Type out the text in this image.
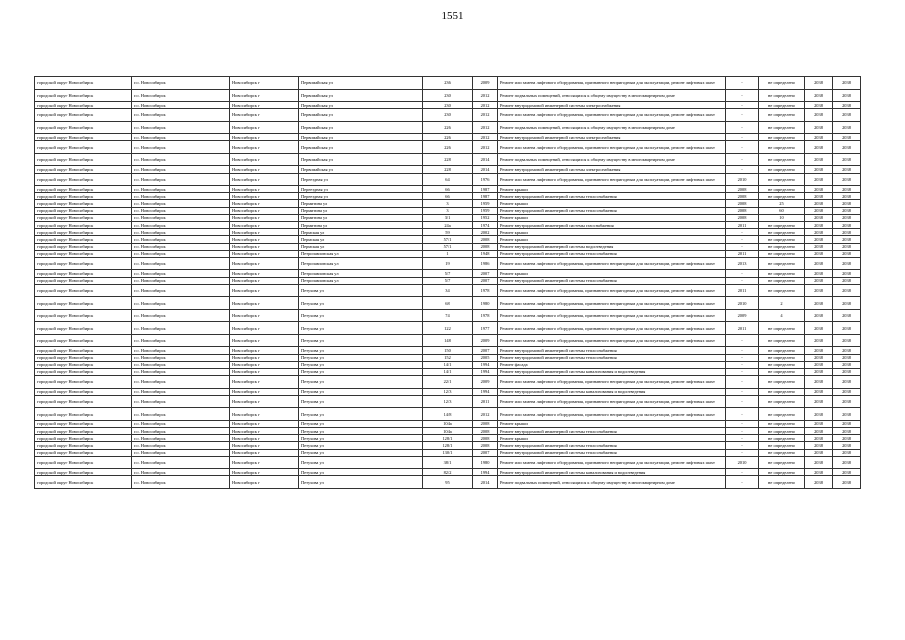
1551
городской округ Новосибирск	г.о. Новосибирск	Новосибирск г	Первомайская ул	236	2009	Ремонт или замена лифтового оборудования, признанного непригодным для эксплуатации, ремонт лифтовых шахт	-	не определено	2038	2038
городской округ Новосибирск	г.о. Новосибирск	Новосибирск г	Первомайская ул	230	2012	Ремонт подвальных помещений, относящихся к общему имуществу в многоквартирном доме	-	не определено	2038	2038
городской округ Новосибирск	г.о. Новосибирск	Новосибирск г	Первомайская ул	230	2012	Ремонт внутридомовой инженерной системы электроснабжения	-	не определено	2038	2038
городской округ Новосибирск	г.о. Новосибирск	Новосибирск г	Первомайская ул	230	2012	Ремонт или замена лифтового оборудования, признанного непригодным для эксплуатации, ремонт лифтовых шахт	-	не определено	2038	2038
городской округ Новосибирск	г.о. Новосибирск	Новосибирск г	Первомайская ул	226	2012	Ремонт подвальных помещений, относящихся к общему имуществу в многоквартирном доме	-	не определено	2038	2038
городской округ Новосибирск	г.о. Новосибирск	Новосибирск г	Первомайская ул	226	2012	Ремонт внутридомовой инженерной системы электроснабжения	-	не определено	2038	2038
городской округ Новосибирск	г.о. Новосибирск	Новосибирск г	Первомайская ул	226	2012	Ремонт или замена лифтового оборудования, признанного непригодным для эксплуатации, ремонт лифтовых шахт	-	не определено	2038	2038
городской округ Новосибирск	г.о. Новосибирск	Новосибирск г	Первомайская ул	228	2014	Ремонт подвальных помещений, относящихся к общему имуществу в многоквартирном доме	-	не определено	2038	2038
городской округ Новосибирск	г.о. Новосибирск	Новосибирск г	Первомайская ул	228	2014	Ремонт внутридомовой инженерной системы электроснабжения	-	не определено	2038	2038
городской округ Новосибирск	г.о. Новосибирск	Новосибирск г	Переездная ул	64	1976	Ремонт или замена лифтового оборудования, признанного непригодным для эксплуатации, ремонт лифтовых шахт	2010	не определено	2038	2038
городской округ Новосибирск	г.о. Новосибирск	Новосибирск г	Переездная ул	66	1987	Ремонт крыши	2008	не определено	2038	2038
городской округ Новосибирск	г.о. Новосибирск	Новосибирск г	Переездная ул	66	1987	Ремонт внутридомовой инженерной системы теплоснабжения	2008	не определено	2038	2038
городской округ Новосибирск	г.о. Новосибирск	Новосибирск г	Пермитина ул	3	1959	Ремонт крыши	2008	25	2038	2038
городской округ Новосибирск	г.о. Новосибирск	Новосибирск г	Пермитина ул	3	1959	Ремонт внутридомовой инженерной системы теплоснабжения	2008	60	2038	2038
городской округ Новосибирск	г.о. Новосибирск	Новосибирск г	Пермитина ул	3/1	1952	Ремонт крыши	2008	10	2038	2038
городской округ Новосибирск	г.о. Новосибирск	Новосибирск г	Пермитина ул	24а	1974	Ремонт внутридомовой инженерной системы газоснабжения	2011	не определено	2038	2038
городской округ Новосибирск	г.о. Новосибирск	Новосибирск г	Пермская ул	59	2002	Ремонт крыши	-	не определено	2038	2038
городской округ Новосибирск	г.о. Новосибирск	Новосибирск г	Пермская ул	57/1	2008	Ремонт крыши	-	не определено	2038	2038
городской округ Новосибирск	г.о. Новосибирск	Новосибирск г	Пермская ул	57/1	2008	Ремонт внутридомовой инженерной системы водоотведения	-	не определено	2038	2038
городской округ Новосибирск	г.о. Новосибирск	Новосибирск г	Петропавловская ул	1	1948	Ремонт внутридомовой инженерной системы теплоснабжения	2011	не определено	2038	2038
городской округ Новосибирск	г.о. Новосибирск	Новосибирск г	Петропавловская ул	19	1986	Ремонт или замена лифтового оборудования, признанного непригодным для эксплуатации, ремонт лифтовых шахт	2013	не определено	2038	2038
городской округ Новосибирск	г.о. Новосибирск	Новосибирск г	Петропавловская ул	5/7	2007	Ремонт крыши	-	не определено	2038	2038
городской округ Новосибирск	г.о. Новосибирск	Новосибирск г	Петропавловская ул	5/7	2007	Ремонт внутридомовой инженерной системы теплоснабжения	-	не определено	2038	2038
городской округ Новосибирск	г.о. Новосибирск	Новосибирск г	Петухова ул	34	1978	Ремонт или замена лифтового оборудования, признанного непригодным для эксплуатации, ремонт лифтовых шахт	2011	не определено	2038	2038
городской округ Новосибирск	г.о. Новосибирск	Новосибирск г	Петухова ул	68	1980	Ремонт или замена лифтового оборудования, признанного непригодным для эксплуатации, ремонт лифтовых шахт	2010	2	2038	2038
городской округ Новосибирск	г.о. Новосибирск	Новосибирск г	Петухова ул	74	1978	Ремонт или замена лифтового оборудования, признанного непригодным для эксплуатации, ремонт лифтовых шахт	2009	4	2038	2038
городской округ Новосибирск	г.о. Новосибирск	Новосибирск г	Петухова ул	122	1977	Ремонт или замена лифтового оборудования, признанного непригодным для эксплуатации, ремонт лифтовых шахт	2011	не определено	2038	2038
городской округ Новосибирск	г.о. Новосибирск	Новосибирск г	Петухова ул	148	2009	Ремонт или замена лифтового оборудования, признанного непригодным для эксплуатации, ремонт лифтовых шахт	-	не определено	2038	2038
городской округ Новосибирск	г.о. Новосибирск	Новосибирск г	Петухова ул	150	2007	Ремонт внутридомовой инженерной системы теплоснабжения	-	не определено	2038	2038
городской округ Новосибирск	г.о. Новосибирск	Новосибирск г	Петухова ул	152	2005	Ремонт внутридомовой инженерной системы теплоснабжения	-	не определено	2038	2038
городской округ Новосибирск	г.о. Новосибирск	Новосибирск г	Петухова ул	14/1	1994	Ремонт фасада	-	не определено	2038	2038
городской округ Новосибирск	г.о. Новосибирск	Новосибирск г	Петухова ул	14/1	1994	Ремонт внутридомовой инженерной системы канализования и водоотведения	-	не определено	2038	2038
городской округ Новосибирск	г.о. Новосибирск	Новосибирск г	Петухова ул	22/1	2009	Ремонт или замена лифтового оборудования, признанного непригодным для эксплуатации, ремонт лифтовых шахт	-	не определено	2038	2038
городской округ Новосибирск	г.о. Новосибирск	Новосибирск г	Петухова ул	12/3	1994	Ремонт внутридомовой инженерной системы канализования и водоотведения	-	не определено	2038	2038
городской округ Новосибирск	г.о. Новосибирск	Новосибирск г	Петухова ул	12/3	2011	Ремонт или замена лифтового оборудования, признанного непригодным для эксплуатации, ремонт лифтовых шахт	-	не определено	2038	2038
городской округ Новосибирск	г.о. Новосибирск	Новосибирск г	Петухова ул	14/8	2012	Ремонт или замена лифтового оборудования, признанного непригодным для эксплуатации, ремонт лифтовых шахт	-	не определено	2038	2038
городской округ Новосибирск	г.о. Новосибирск	Новосибирск г	Петухова ул	104а	2008	Ремонт крыши	-	не определено	2038	2038
городской округ Новосибирск	г.о. Новосибирск	Новосибирск г	Петухова ул	104а	2008	Ремонт внутридомовой инженерной системы теплоснабжения	-	не определено	2038	2038
городской округ Новосибирск	г.о. Новосибирск	Новосибирск г	Петухова ул	128/1	2008	Ремонт крыши	-	не определено	2038	2038
городской округ Новосибирск	г.о. Новосибирск	Новосибирск г	Петухова ул	128/1	2008	Ремонт внутридомовой инженерной системы теплоснабжения	-	не определено	2038	2038
городской округ Новосибирск	г.о. Новосибирск	Новосибирск г	Петухова ул	130/1	2007	Ремонт внутридомовой инженерной системы теплоснабжения	-	не определено	2038	2038
городской округ Новосибирск	г.о. Новосибирск	Новосибирск г	Петухова ул	38/1	1980	Ремонт или замена лифтового оборудования, признанного непригодным для эксплуатации, ремонт лифтовых шахт	2010	не определено	2038	2038
городской округ Новосибирск	г.о. Новосибирск	Новосибирск г	Петухова ул	82/2	1994	Ремонт внутридомовой инженерной системы канализования и водоотведения	-	не определено	2038	2038
городской округ Новосибирск	г.о. Новосибирск	Новосибирск г	Петухова ул	95	2014	Ремонт подвальных помещений, относящихся к общему имуществу в многоквартирном доме	-	не определено	2038	2038
